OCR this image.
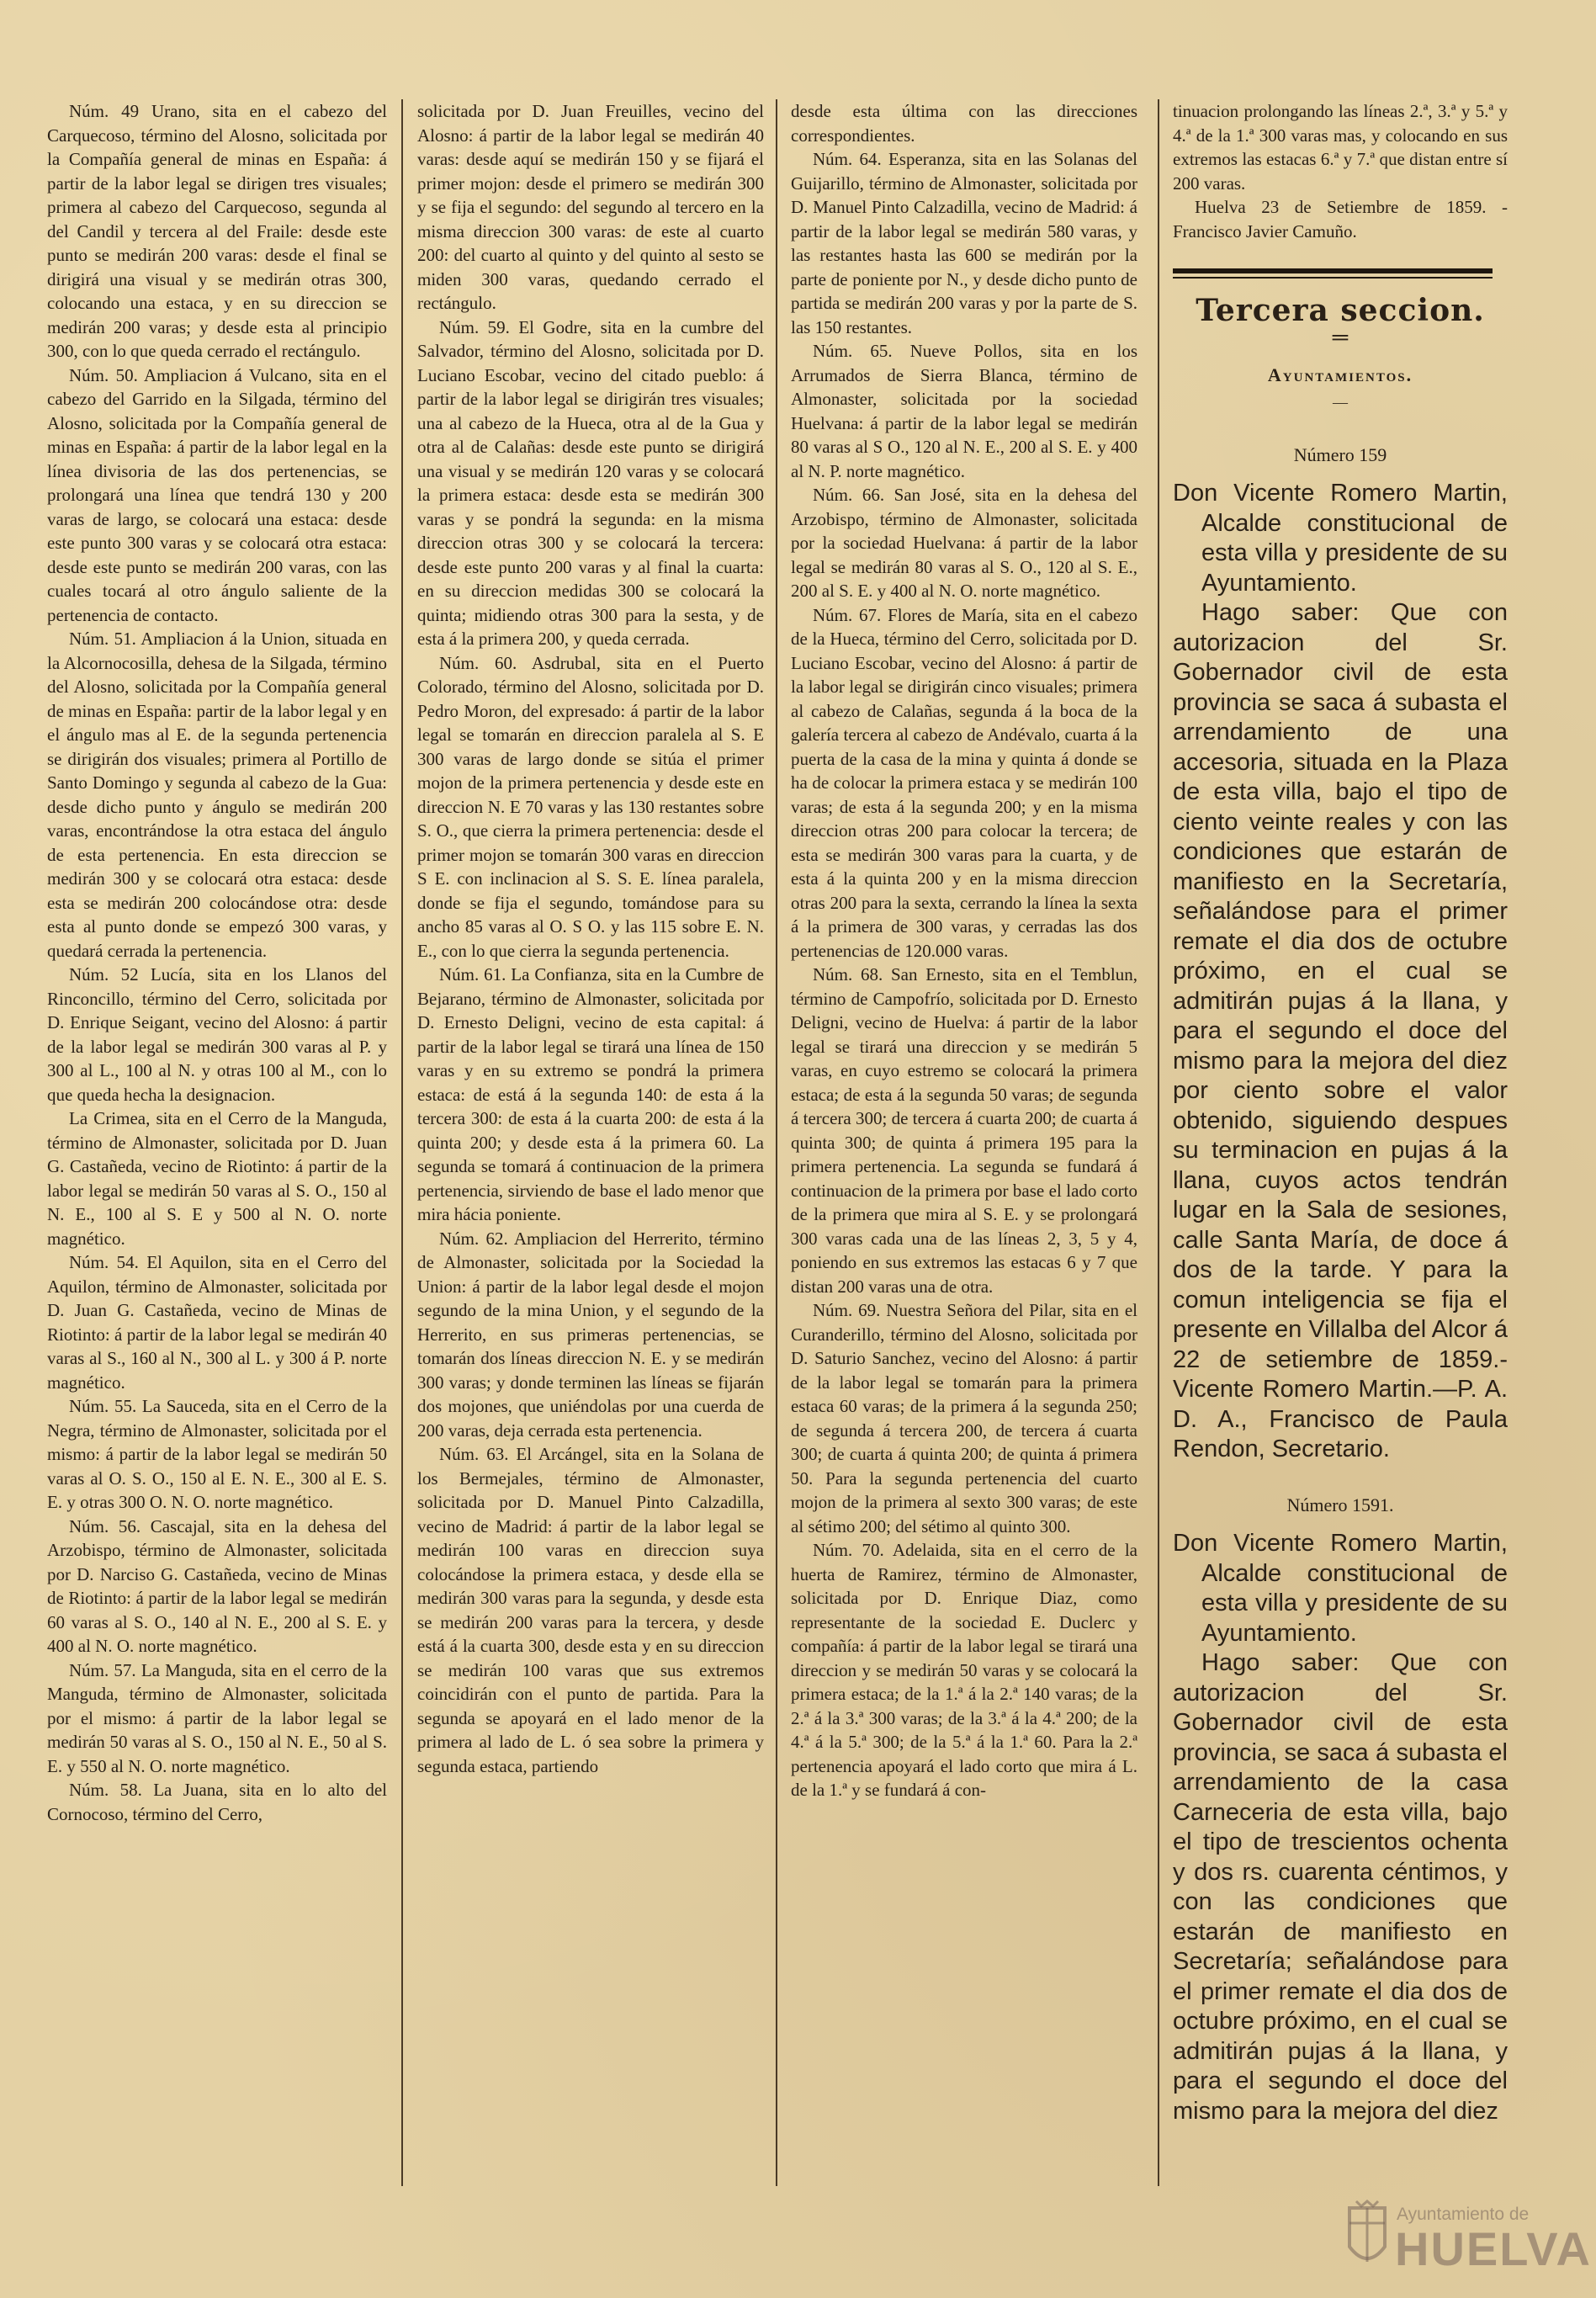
Núm. 49 Urano, sita en el cabezo del Carquecoso, término del Alosno, solicitada por la Compañía general de minas en España: á partir de la labor legal se dirigen tres visuales; primera al cabezo del Carquecoso, segunda al del Candil y tercera al del Fraile: desde este punto se medirán 200 varas: desde el final se dirigirá una visual y se medirán otras 300, colocando una estaca, y en su direccion se medirán 200 varas; y desde esta al principio 300, con lo que queda cerrado el rectángulo.

Núm. 50. Ampliacion á Vulcano, sita en el cabezo del Garrido en la Silgada, término del Alosno, solicitada por la Compañía general de minas en España: á partir de la labor legal en la línea divisoria de las dos pertenencias, se prolongará una línea que tendrá 130 y 200 varas de largo, se colocará una estaca: desde este punto 300 varas y se colocará otra estaca: desde este punto se medirán 200 varas, con las cuales tocará al otro ángulo saliente de la pertenencia de contacto.

Núm. 51. Ampliacion á la Union, situada en la Alcornocosilla, dehesa de la Silgada, término del Alosno, solicitada por la Compañía general de minas en España: partir de la labor legal y en el ángulo mas al E. de la segunda pertenencia se dirigirán dos visuales; primera al Portillo de Santo Domingo y segunda al cabezo de la Gua: desde dicho punto y ángulo se medirán 200 varas, encontrándose la otra estaca del ángulo de esta pertenencia. En esta direccion se medirán 300 y se colocará otra estaca: desde esta se medirán 200 colocándose otra: desde esta al punto donde se empezó 300 varas, y quedará cerrada la pertenencia.

Núm. 52 Lucía, sita en los Llanos del Rinconcillo, término del Cerro, solicitada por D. Enrique Seigant, vecino del Alosno: á partir de la labor legal se medirán 300 varas al P. y 300 al L., 100 al N. y otras 100 al M., con lo que queda hecha la designacion.

La Crimea, sita en el Cerro de la Manguda, término de Almonaster, solicitada por D. Juan G. Castañeda, vecino de Riotinto: á partir de la labor legal se medirán 50 varas al S. O., 150 al N. E., 100 al S. E y 500 al N. O. norte magnético.

Núm. 54. El Aquilon, sita en el Cerro del Aquilon, término de Almonaster, solicitada por D. Juan G. Castañeda, vecino de Minas de Riotinto: á partir de la labor legal se medirán 40 varas al S., 160 al N., 300 al L. y 300 á P. norte magnético.

Núm. 55. La Sauceda, sita en el Cerro de la Negra, término de Almonaster, solicitada por el mismo: á partir de la labor legal se medirán 50 varas al O. S. O., 150 al E. N. E., 300 al E. S. E. y otras 300 O. N. O. norte magnético.

Núm. 56. Cascajal, sita en la dehesa del Arzobispo, término de Almonaster, solicitada por D. Narciso G. Castañeda, vecino de Minas de Riotinto: á partir de la labor legal se medirán 60 varas al S. O., 140 al N. E., 200 al S. E. y 400 al N. O. norte magnético.

Núm. 57. La Manguda, sita en el cerro de la Manguda, término de Almonaster, solicitada por el mismo: á partir de la labor legal se medirán 50 varas al S. O., 150 al N. E., 50 al S. E. y 550 al N. O. norte magnético.

Núm. 58. La Juana, sita en lo alto del Cornocoso, término del Cerro,

solicitada por D. Juan Freuilles, vecino del Alosno: á partir de la labor legal se medirán 40 varas: desde aquí se medirán 150 y se fijará el primer mojon: desde el primero se medirán 300 y se fija el segundo: del segundo al tercero en la misma direccion 300 varas: de este al cuarto 200: del cuarto al quinto y del quinto al sesto se miden 300 varas, quedando cerrado el rectángulo.

Núm. 59. El Godre, sita en la cumbre del Salvador, término del Alosno, solicitada por D. Luciano Escobar, vecino del citado pueblo: á partir de la labor legal se dirigirán tres visuales; una al cabezo de la Hueca, otra al de la Gua y otra al de Calañas: desde este punto se dirigirá una visual y se medirán 120 varas y se colocará la primera estaca: desde esta se medirán 300 varas y se pondrá la segunda: en la misma direccion otras 300 y se colocará la tercera: desde este punto 200 varas y al final la cuarta: en su direccion medidas 300 se colocará la quinta; midiendo otras 300 para la sesta, y de esta á la primera 200, y queda cerrada.

Núm. 60. Asdrubal, sita en el Puerto Colorado, término del Alosno, solicitada por D. Pedro Moron, del expresado: á partir de la labor legal se tomarán en direccion paralela al S. E 300 varas de largo donde se sitúa el primer mojon de la primera pertenencia y desde este en direccion N. E 70 varas y las 130 restantes sobre S. O., que cierra la primera pertenencia: desde el primer mojon se tomarán 300 varas en direccion S E. con inclinacion al S. S. E. línea paralela, donde se fija el segundo, tomándose para su ancho 85 varas al O. S O. y las 115 sobre E. N. E., con lo que cierra la segunda pertenencia.

Núm. 61. La Confianza, sita en la Cumbre de Bejarano, término de Almonaster, solicitada por D. Ernesto Deligni, vecino de esta capital: á partir de la labor legal se tirará una línea de 150 varas y en su extremo se pondrá la primera estaca: de está á la segunda 140: de esta á la tercera 300: de esta á la cuarta 200: de esta á la quinta 200; y desde esta á la primera 60. La segunda se tomará á continuacion de la primera pertenencia, sirviendo de base el lado menor que mira hácia poniente.

Núm. 62. Ampliacion del Herrerito, término de Almonaster, solicitada por la Sociedad la Union: á partir de la labor legal desde el mojon segundo de la mina Union, y el segundo de la Herrerito, en sus primeras pertenencias, se tomarán dos líneas direccion N. E. y se medirán 300 varas; y donde terminen las líneas se fijarán dos mojones, que uniéndolas por una cuerda de 200 varas, deja cerrada esta pertenencia.

Núm. 63. El Arcángel, sita en la Solana de los Bermejales, término de Almonaster, solicitada por D. Manuel Pinto Calzadilla, vecino de Madrid: á partir de la labor legal se medirán 100 varas en direccion suya colocándose la primera estaca, y desde ella se medirán 300 varas para la segunda, y desde esta se medirán 200 varas para la tercera, y desde está á la cuarta 300, desde esta y en su direccion se medirán 100 varas que sus extremos coincidirán con el punto de partida. Para la segunda se apoyará en el lado menor de la primera al lado de L. ó sea sobre la primera y segunda estaca, partiendo

desde esta última con las direcciones correspondientes.

Núm. 64. Esperanza, sita en las Solanas del Guijarillo, término de Almonaster, solicitada por D. Manuel Pinto Calzadilla, vecino de Madrid: á partir de la labor legal se medirán 580 varas, y las restantes hasta las 600 se medirán por la parte de poniente por N., y desde dicho punto de partida se medirán 200 varas y por la parte de S. las 150 restantes.

Núm. 65. Nueve Pollos, sita en los Arrumados de Sierra Blanca, término de Almonaster, solicitada por la sociedad Huelvana: á partir de la labor legal se medirán 80 varas al S O., 120 al N. E., 200 al S. E. y 400 al N. P. norte magnético.

Núm. 66. San José, sita en la dehesa del Arzobispo, término de Almonaster, solicitada por la sociedad Huelvana: á partir de la labor legal se medirán 80 varas al S. O., 120 al S. E., 200 al S. E. y 400 al N. O. norte magnético.

Núm. 67. Flores de María, sita en el cabezo de la Hueca, término del Cerro, solicitada por D. Luciano Escobar, vecino del Alosno: á partir de la labor legal se dirigirán cinco visuales; primera al cabezo de Calañas, segunda á la boca de la galería tercera al cabezo de Andévalo, cuarta á la puerta de la casa de la mina y quinta á donde se ha de colocar la primera estaca y se medirán 100 varas; de esta á la segunda 200; y en la misma direccion otras 200 para colocar la tercera; de esta se medirán 300 varas para la cuarta, y de esta á la quinta 200 y en la misma direccion otras 200 para la sexta, cerrando la línea la sexta á la primera de 300 varas, y cerradas las dos pertenencias de 120.000 varas.

Núm. 68. San Ernesto, sita en el Temblun, término de Campofrío, solicitada por D. Ernesto Deligni, vecino de Huelva: á partir de la labor legal se tirará una direccion y se medirán 5 varas, en cuyo estremo se colocará la primera estaca; de esta á la segunda 50 varas; de segunda á tercera 300; de tercera á cuarta 200; de cuarta á quinta 300; de quinta á primera 195 para la primera pertenencia. La segunda se fundará á continuacion de la primera por base el lado corto de la primera que mira al S. E. y se prolongará 300 varas cada una de las líneas 2, 3, 5 y 4, poniendo en sus extremos las estacas 6 y 7 que distan 200 varas una de otra.

Núm. 69. Nuestra Señora del Pilar, sita en el Curanderillo, término del Alosno, solicitada por D. Saturio Sanchez, vecino del Alosno: á partir de la labor legal se tomarán para la primera estaca 60 varas; de la primera á la segunda 250; de segunda á tercera 200, de tercera á cuarta 300; de cuarta á quinta 200; de quinta á primera 50. Para la segunda pertenencia del cuarto mojon de la primera al sexto 300 varas; de este al sétimo 200; del sétimo al quinto 300.

Núm. 70. Adelaida, sita en el cerro de la huerta de Ramirez, término de Almonaster, solicitada por D. Enrique Diaz, como representante de la sociedad E. Duclerc y compañía: á partir de la labor legal se tirará una direccion y se medirán 50 varas y se colocará la primera estaca; de la 1.ª á la 2.ª 140 varas; de la 2.ª á la 3.ª 300 varas; de la 3.ª á la 4.ª 200; de la 4.ª á la 5.ª 300; de la 5.ª á la 1.ª 60. Para la 2.ª pertenencia apoyará el lado corto que mira á L. de la 1.ª y se fundará á con-

tinuacion prolongando las líneas 2.ª, 3.ª y 5.ª y 4.ª de la 1.ª 300 varas mas, y colocando en sus extremos las estacas 6.ª y 7.ª que distan entre sí 200 varas.

Huelva 23 de Setiembre de 1859. -Francisco Javier Camuño.

Tercera seccion.
═
Ayuntamientos.
—
Número 159

Don Vicente Romero Martin, Alcalde constitucional de esta villa y presidente de su Ayuntamiento.

Hago saber: Que con autorizacion del Sr. Gobernador civil de esta provincia se saca á subasta el arrendamiento de una accesoria, situada en la Plaza de esta villa, bajo el tipo de ciento veinte reales y con las condiciones que estarán de manifiesto en la Secretaría, señalándose para el primer remate el dia dos de octubre próximo, en el cual se admitirán pujas á la llana, y para el segundo el doce del mismo para la mejora del diez por ciento sobre el valor obtenido, siguiendo despues su terminacion en pujas á la llana, cuyos actos tendrán lugar en la Sala de sesiones, calle Santa María, de doce á dos de la tarde. Y para la comun inteligencia se fija el presente en Villalba del Alcor á 22 de setiembre de 1859.-Vicente Romero Martin.—P. A. D. A., Francisco de Paula Rendon, Secretario.

Número 1591.

Don Vicente Romero Martin, Alcalde constitucional de esta villa y presidente de su Ayuntamiento.

Hago saber: Que con autorizacion del Sr. Gobernador civil de esta provincia, se saca á subasta el arrendamiento de la casa Carneceria de esta villa, bajo el tipo de trescientos ochenta y dos rs. cuarenta céntimos, y con las condiciones que estarán de manifiesto en Secretaría; señalándose para el primer remate el dia dos de octubre próximo, en el cual se admitirán pujas á la llana, y para el segundo el doce del mismo para la mejora del diez

Ayuntamiento de
HUELVA
